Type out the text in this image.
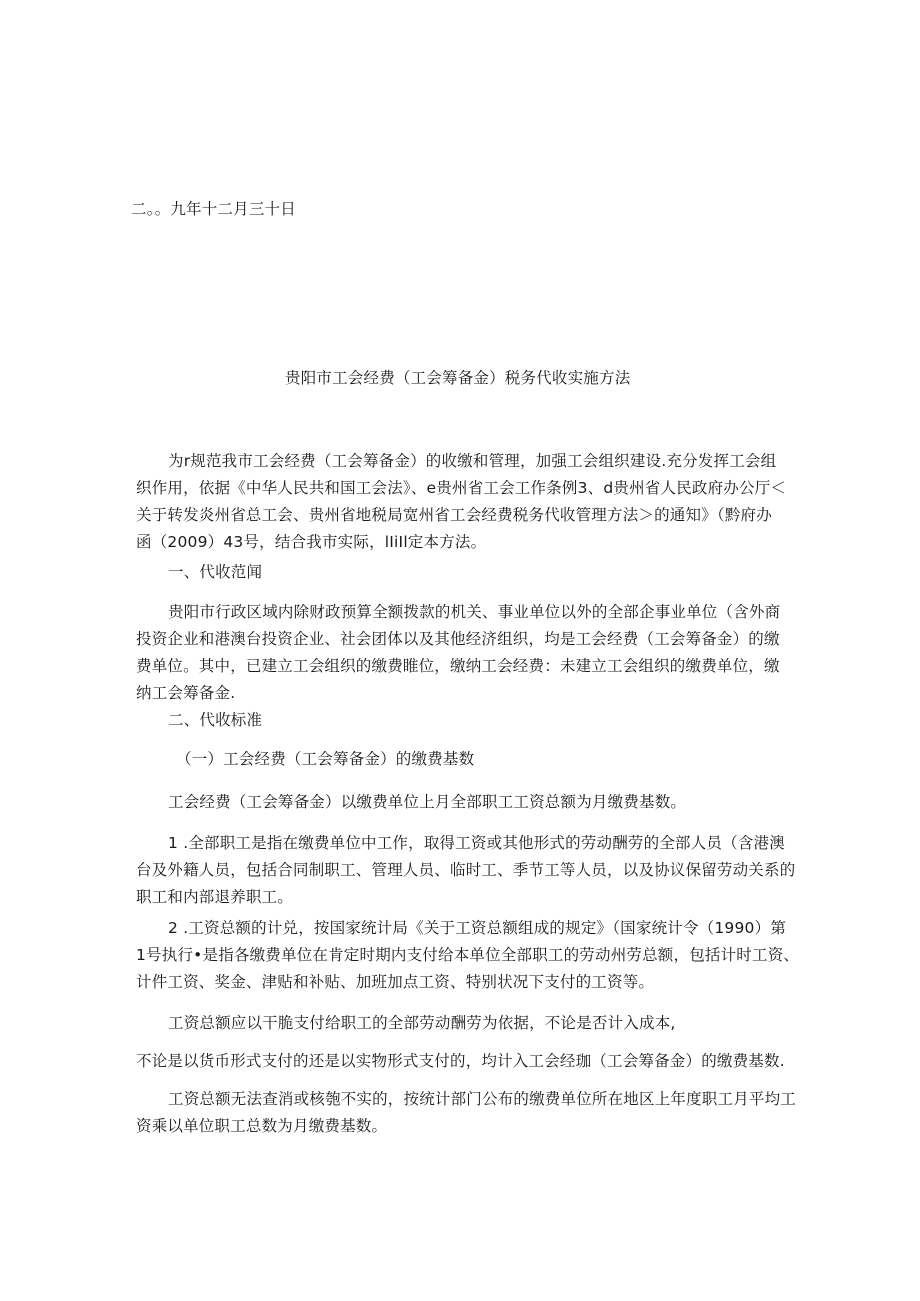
二。。九年十二月三十日
贵阳市工会经费（工会筹备金）税务代收实施方法
为r规范我市工会经费（工会筹备金）的收缴和管理，加强工会组织建设.充分发挥工会组
织作用，依据《中华人民共和国工会法》、e贵州省工会工作条例3、d贵州省人民政府办公厅＜
关于转发炎州省总工会、贵州省地税局宽州省工会经费税务代收管理方法＞的通知》（黔府办
函（2009）43号，结合我市实际，lIiIl定本方法。
一、代收范闻
贵阳市行政区域内除财政预算全额拨款的机关、事业单位以外的全部企事业单位（含外商
投资企业和港澳台投资企业、社会团体以及其他经济组织，均是工会经费（工会筹备金）的缴
费单位。其中，已建立工会组织的缴费睢位，缴纳工会经费：未建立工会组织的缴费单位，缴
纳工会筹备金.
二、代收标准
（一）工会经费（工会筹备金）的缴费基数
工会经费（工会筹备金）以缴费单位上月全部职工工资总额为月缴费基数。
1 .全部职工是指在缴费单位中工作，取得工资或其他形式的劳动酬劳的全部人员（含港澳
台及外籍人员，包括合同制职工、管理人员、临时工、季节工等人员，以及协议保留劳动关系的
职工和内部退养职工。
2 .工资总额的计兑，按国家统计局《关于工资总额组成的规定》（国家统计令（1990）第
1号执行•是指各缴费单位在肯定时期内支付给本单位全部职工的劳动州劳总额，包括计时工资、
计件工资、奖金、津贴和补贴、加班加点工资、特别状况下支付的工资等。
工资总额应以干脆支付给职工的全部劳动酬劳为依据，不论是否计入成本,
不论是以货币形式支付的还是以实物形式支付的，均计入工会经珈（工会筹备金）的缴费基数.
工资总额无法查消或核匏不实的，按统计部门公布的缴费单位所在地区上年度职工月平均工
资乘以单位职工总数为月缴费基数。
